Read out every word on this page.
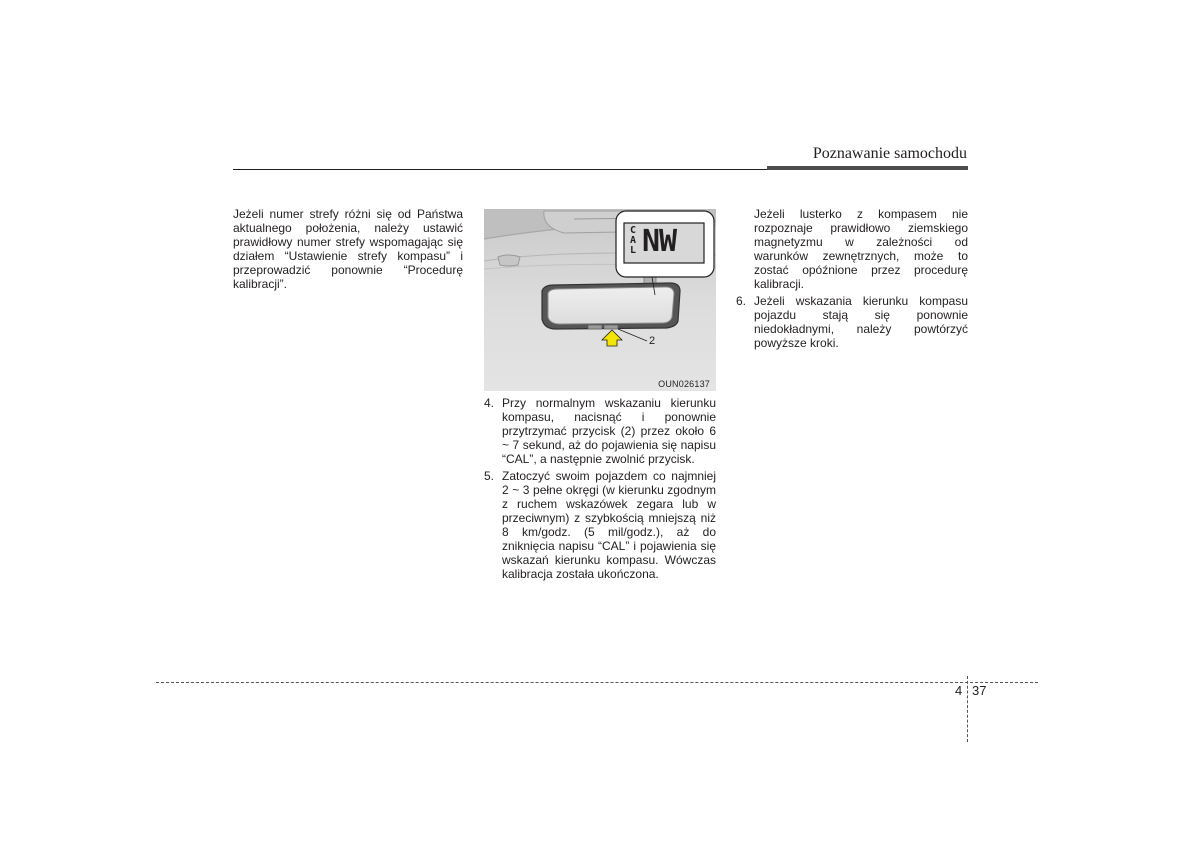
Poznawanie samochodu

Jeżeli numer strefy różni się od Państwa aktualnego położenia, należy ustawić prawidłowy numer strefy wspomagając się działem “Ustawienie strefy kompasu” i przeprowadzić ponownie “Procedurę kalibracji”.

C
A
L NW
2
OUN026137
4. Przy normalnym wskazaniu kierunku kompasu, nacisnąć i ponownie przytrzymać przycisk (2) przez około 6 ~ 7 sekund, aż do pojawienia się napisu “CAL”, a następnie zwolnić przycisk.
5. Zatoczyć swoim pojazdem co najmniej 2 ~ 3 pełne okręgi (w kierunku zgodnym z ruchem wskazówek zegara lub w przeciwnym) z szybkością mniejszą niż 8 km/godz. (5 mil/godz.), aż do zniknięcia napisu “CAL” i pojawienia się wskazań kierunku kompasu. Wówczas kalibracja została ukończona.

Jeżeli lusterko z kompasem nie rozpoznaje prawidłowo ziemskiego magnetyzmu w zależności od warunków zewnętrznych, może to zostać opóźnione przez procedurę kalibracji.

6. Jeżeli wskazania kierunku kompasu pojazdu stają się ponownie niedokładnymi, należy powtórzyć powyższe kroki.
4 37
